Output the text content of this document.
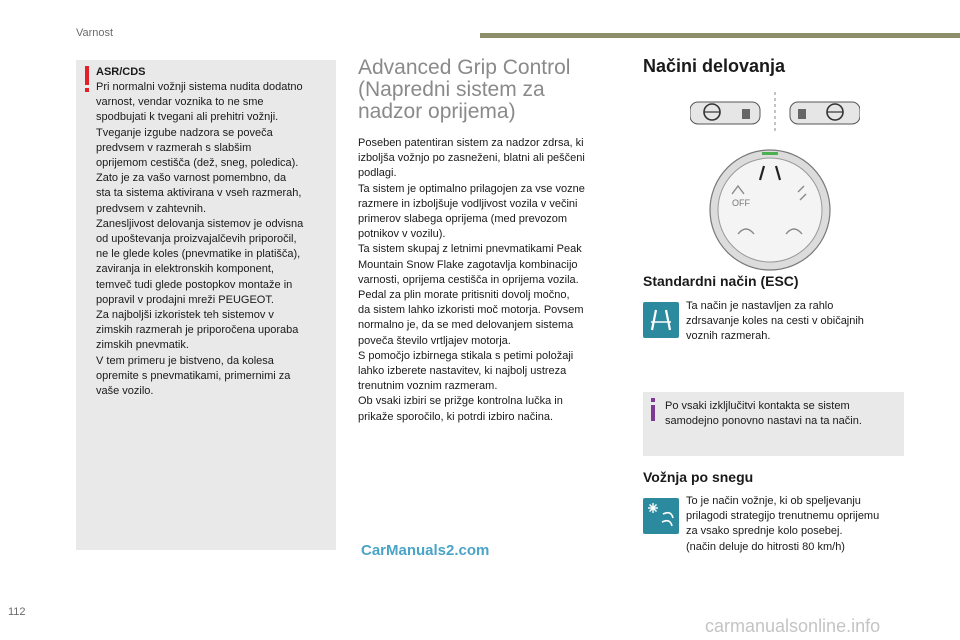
Varnost
ASR/CDS
Pri normalni vožnji sistema nudita dodatno
varnost, vendar voznika to ne sme
spodbujati k tvegani ali prehitri vožnji.
Tveganje izgube nadzora se poveča
predvsem v razmerah s slabšim
oprijemom cestišča (dež, sneg, poledica).
Zato je za vašo varnost pomembno, da
sta ta sistema aktivirana v vseh razmerah,
predvsem v zahtevnih.
Zanesljivost delovanja sistemov je odvisna
od upoštevanja proizvajalčevih priporočil,
ne le glede koles (pnevmatike in platišča),
zaviranja in elektronskih komponent,
temveč tudi glede postopkov montaže in
popravil v prodajni mreži PEUGEOT.
Za najboljši izkoristek teh sistemov v
zimskih razmerah je priporočena uporaba
zimskih pnevmatik.
V tem primeru je bistveno, da kolesa
opremite s pnevmatikami, primernimi za
vaše vozilo.
Advanced Grip Control
(Napredni sistem za
nadzor oprijema)
Poseben patentiran sistem za nadzor zdrsa, ki
izboljša vožnjo po zasneženi, blatni ali peščeni
podlagi.
Ta sistem je optimalno prilagojen za vse vozne
razmere in izboljšuje vodljivost vozila v večini
primerov slabega oprijema (med prevozom
potnikov v vozilu).
Ta sistem skupaj z letnimi pnevmatikami Peak
Mountain Snow Flake zagotavlja kombinacijo
varnosti, oprijema cestišča in oprijema vozila.
Pedal za plin morate pritisniti dovolj močno,
da sistem lahko izkoristi moč motorja. Povsem
normalno je, da se med delovanjem sistema
poveča število vrtljajev motorja.
S pomočjo izbirnega stikala s petimi položaji
lahko izberete nastavitev, ki najbolj ustreza
trenutnim voznim razmeram.
Ob vsaki izbiri se prižge kontrolna lučka in
prikaže sporočilo, ki potrdi izbiro načina.
Načini delovanja
OFF
Standardni način (ESC)
Ta način je nastavljen za rahlo
zdrsavanje koles na cesti v običajnih
voznih razmerah.
Po vsaki izkljlučitvi kontakta se sistem
samodejno ponovno nastavi na ta način.
Vožnja po snegu
To je način vožnje, ki ob speljevanju
prilagodi strategijo trenutnemu oprijemu
za vsako sprednje kolo posebej.
(način deluje do hitrosti 80 km/h)
112
CarManuals2.com
carmanualsonline.info
